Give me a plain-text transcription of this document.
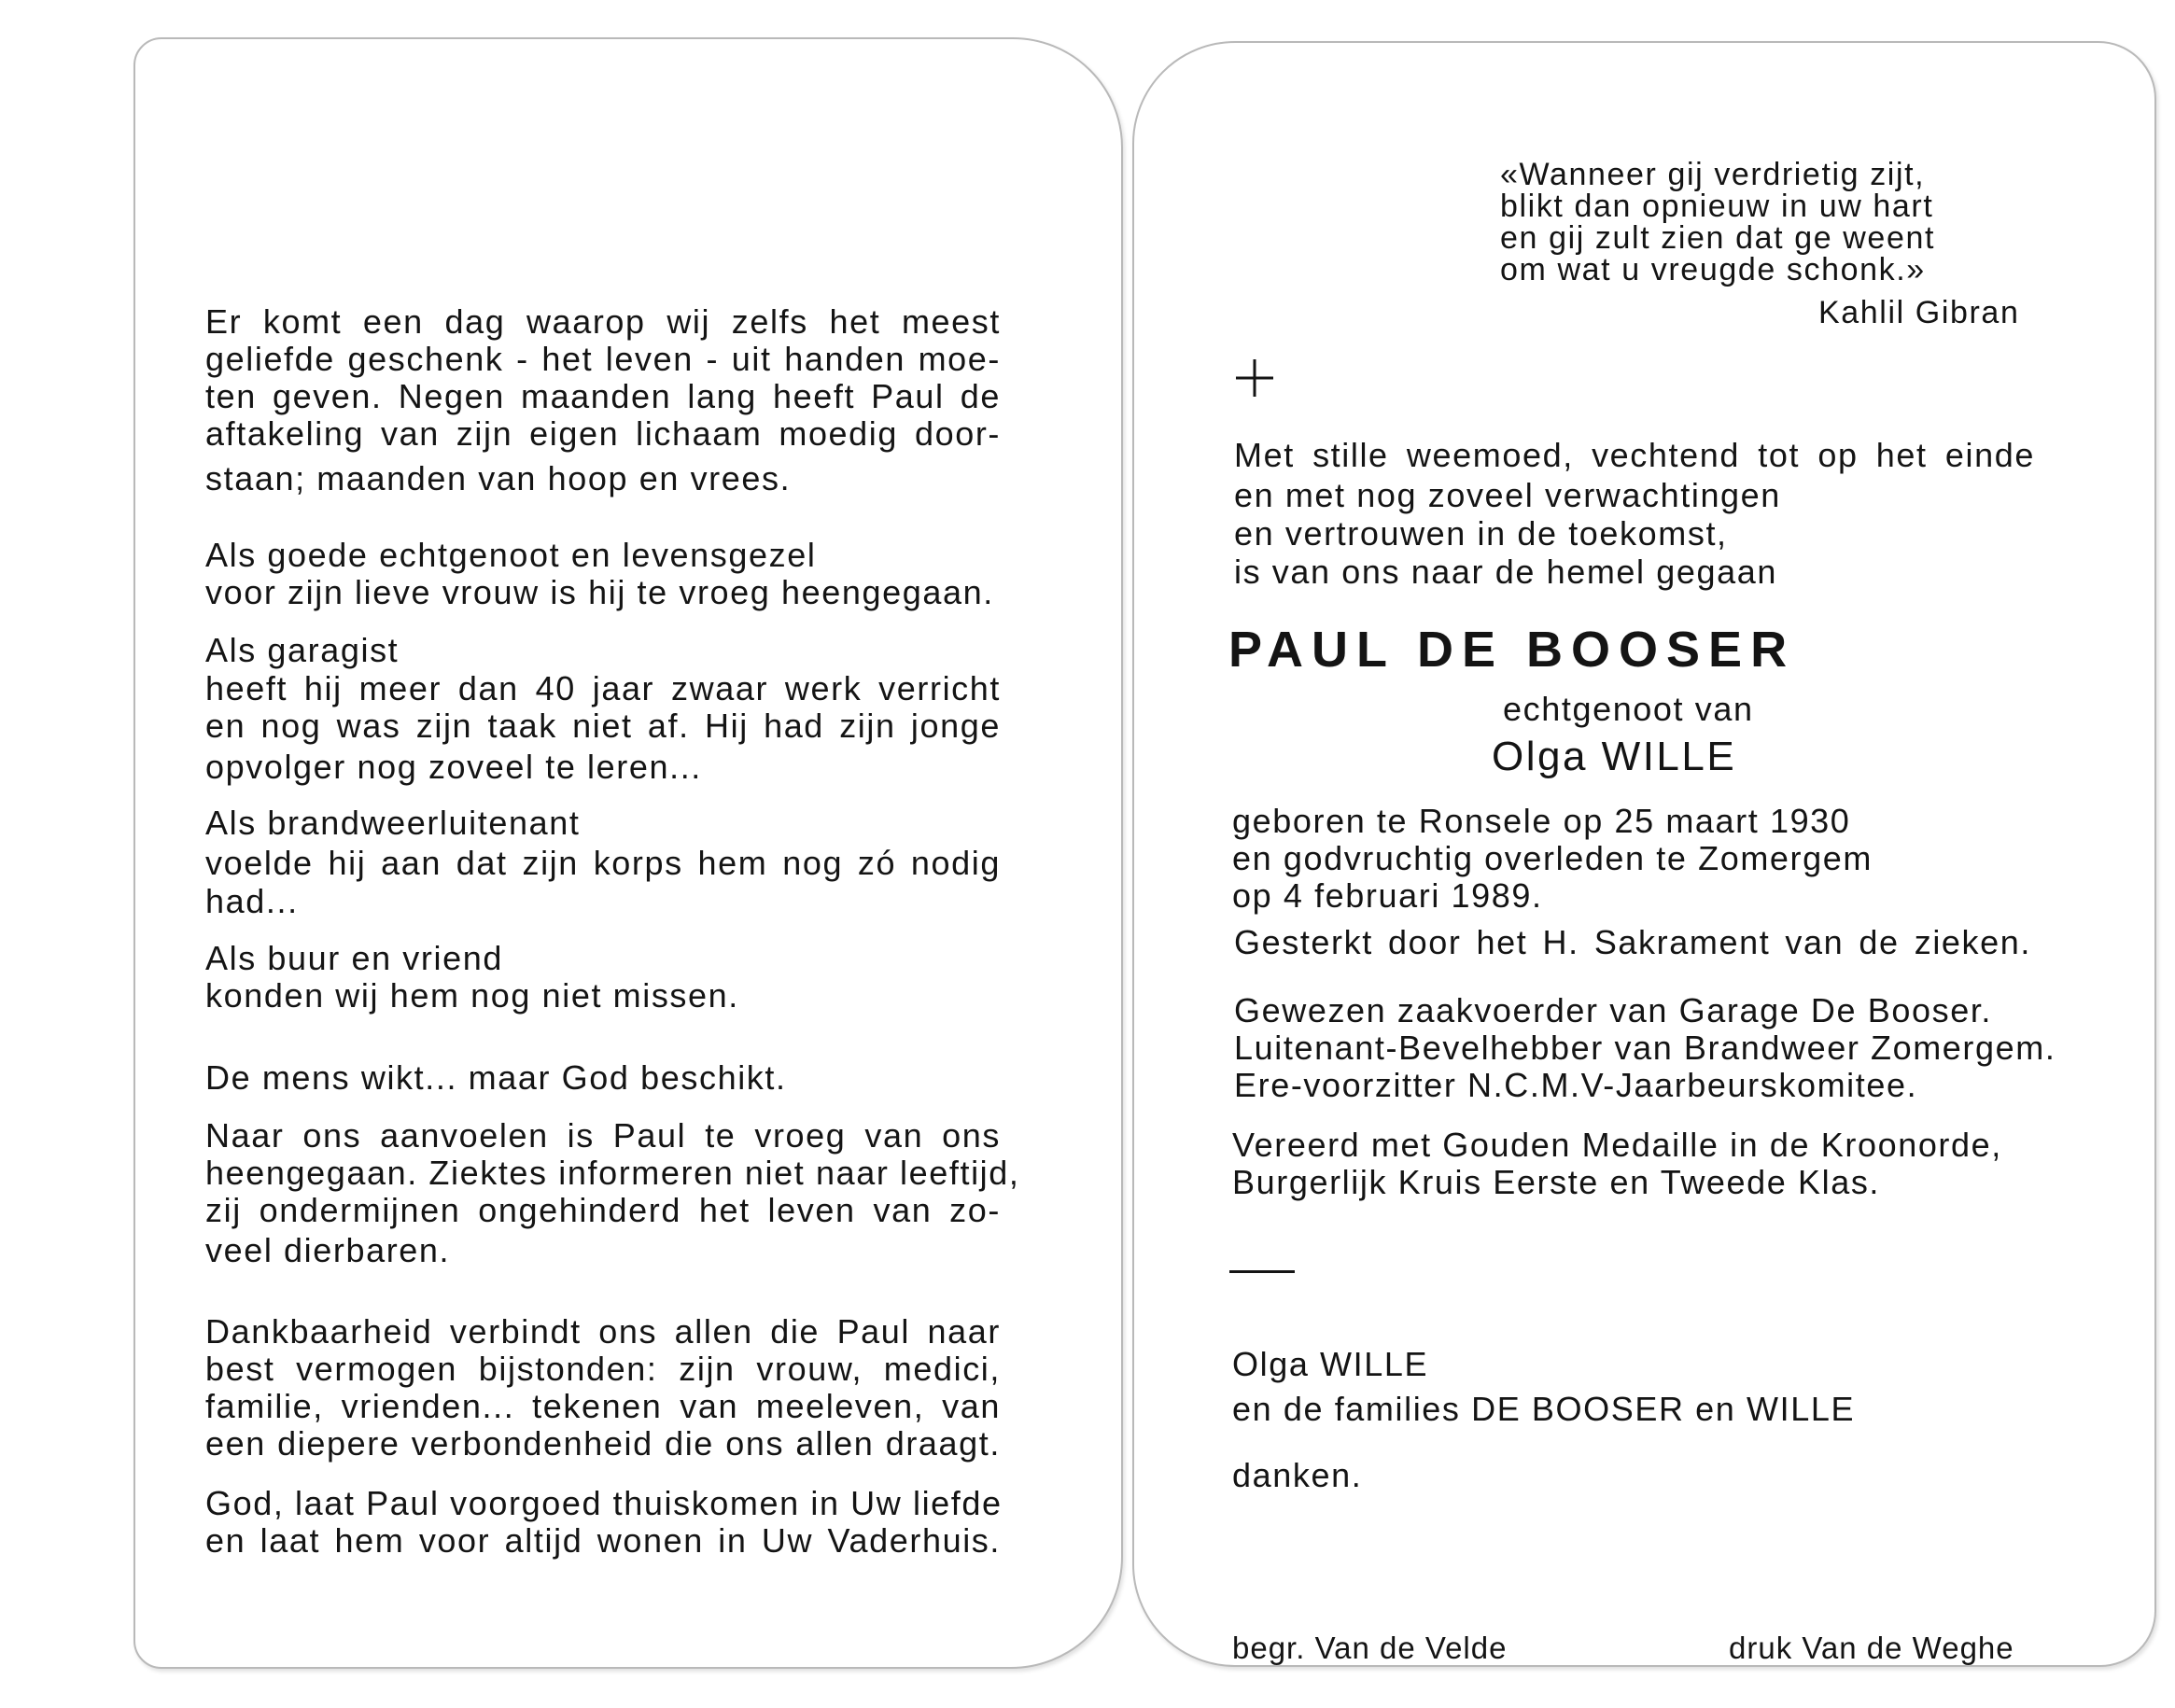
Er komt een dag waarop wij zelfs het meest
geliefde geschenk - het leven - uit handen moe-
ten geven. Negen maanden lang heeft Paul de
aftakeling van zijn eigen lichaam moedig door-
staan; maanden van hoop en vrees.
Als goede echtgenoot en levensgezel
voor zijn lieve vrouw is hij te vroeg heengegaan.
Als garagist
heeft hij meer dan 40 jaar zwaar werk verricht
en nog was zijn taak niet af. Hij had zijn jonge
opvolger nog zoveel te leren...
Als brandweerluitenant
voelde hij aan dat zijn korps hem nog zó nodig
had...
Als buur en vriend
konden wij hem nog niet missen.
De mens wikt... maar God beschikt.
Naar ons aanvoelen is Paul te vroeg van ons
heengegaan. Ziektes informeren niet naar leeftijd,
zij ondermijnen ongehinderd het leven van zo-
veel dierbaren.
Dankbaarheid verbindt ons allen die Paul naar
best vermogen bijstonden: zijn vrouw, medici,
familie, vrienden... tekenen van meeleven, van
een diepere verbondenheid die ons allen draagt.
God, laat Paul voorgoed thuiskomen in Uw liefde
en laat hem voor altijd wonen in Uw Vaderhuis.
«Wanneer gij verdrietig zijt,
blikt dan opnieuw in uw hart
en gij zult zien dat ge weent
om wat u vreugde schonk.»
Kahlil Gibran
Met stille weemoed, vechtend tot op het einde
en met nog zoveel verwachtingen
en vertrouwen in de toekomst,
is van ons naar de hemel gegaan
PAUL DE BOOSER
echtgenoot van
Olga WILLE
geboren te Ronsele op 25 maart 1930
en godvruchtig overleden te Zomergem
op 4 februari 1989.
Gesterkt door het H. Sakrament van de zieken.
Gewezen zaakvoerder van Garage De Booser.
Luitenant-Bevelhebber van Brandweer Zomergem.
Ere-voorzitter N.C.M.V-Jaarbeurskomitee.
Vereerd met Gouden Medaille in de Kroonorde,
Burgerlijk Kruis Eerste en Tweede Klas.
Olga WILLE
en de families DE BOOSER en WILLE
danken.
begr. Van de Velde	druk Van de Weghe
